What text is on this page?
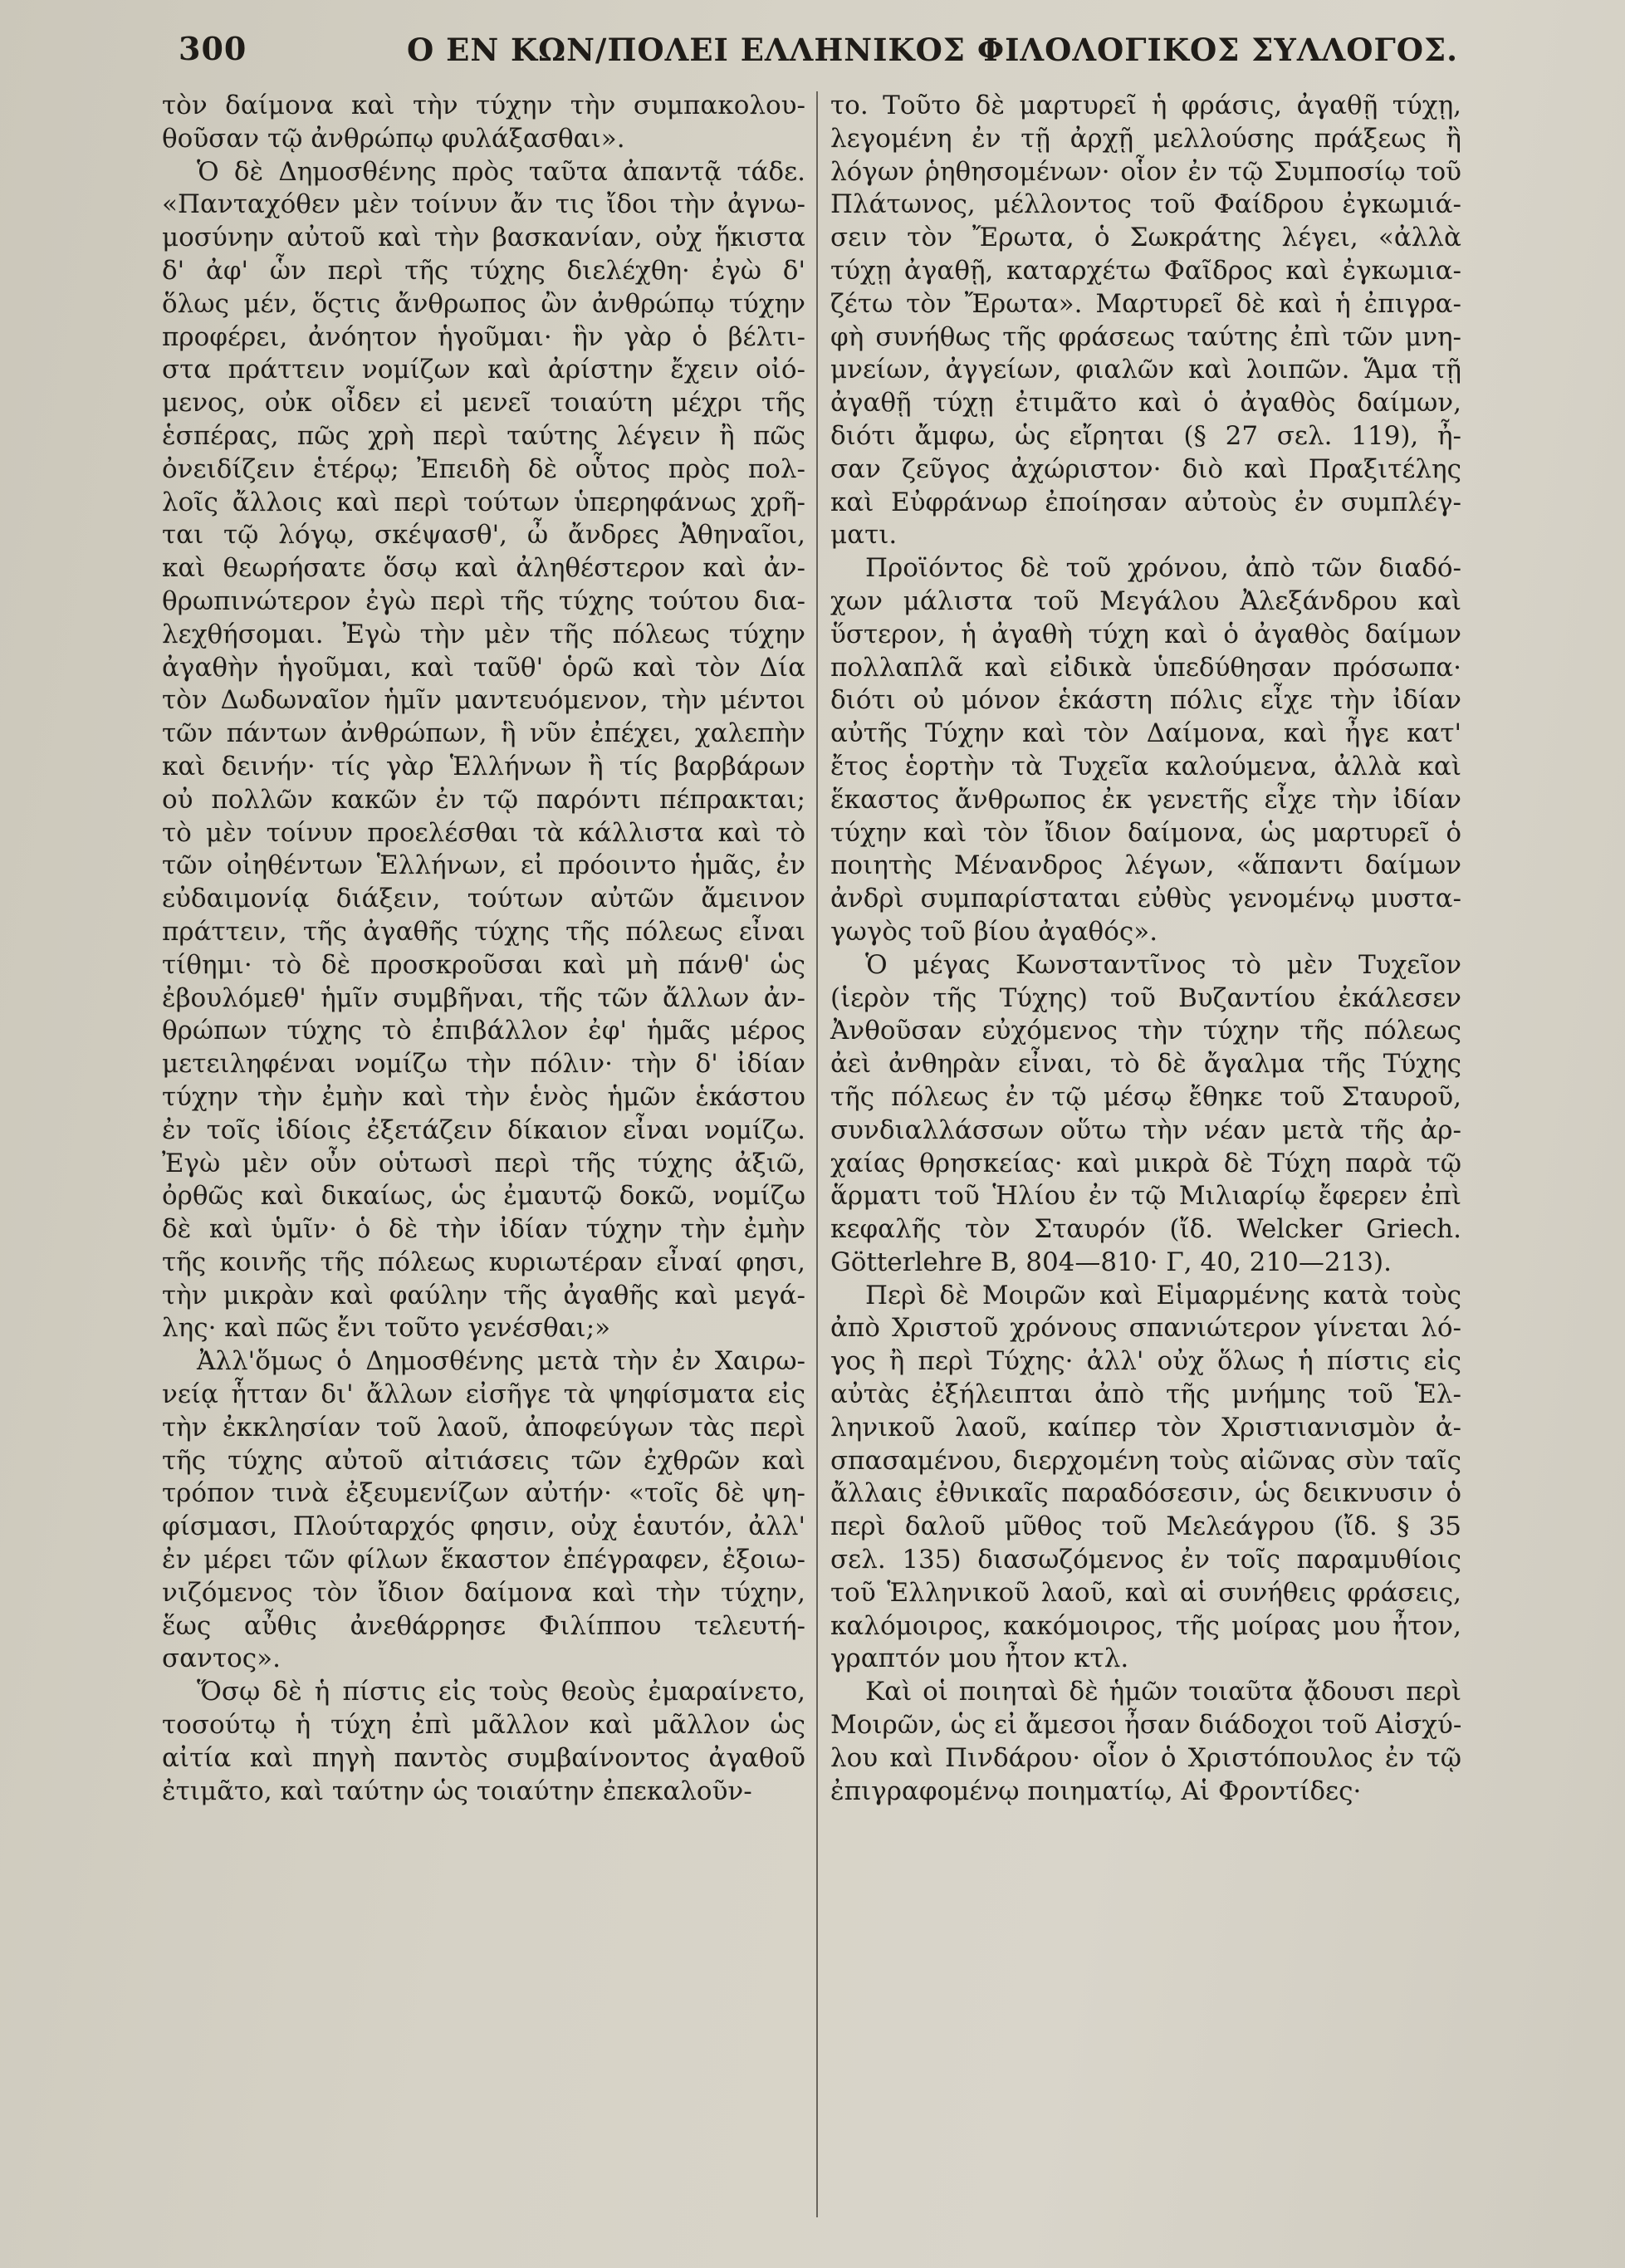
300	Ο ΕΝ ΚΩΝ/ΠΟΛΕΙ ΕΛΛΗΝΙΚΟΣ ΦΙΛΟΛΟΓΙΚΟΣ ΣΥΛΛΟΓΟΣ.
τὸν δαίμονα καὶ τὴν τύχην τὴν συμπακολου-
θοῦσαν τῷ ἀνθρώπῳ φυλάξασθαι».
Ὁ δὲ Δημοσθένης πρὸς ταῦτα ἀπαντᾷ τάδε.
«Πανταχόθεν μὲν τοίνυν ἄν τις ἴδοι τὴν ἀγνω-
μοσύνην αὐτοῦ καὶ τὴν βασκανίαν, οὐχ ἥκιστα
δ' ἀφ' ὧν περὶ τῆς τύχης διελέχθη· ἐγὼ δ'
ὅλως μέν, ὅςτις ἄνθρωπος ὢν ἀνθρώπῳ τύχην
προφέρει, ἀνόητον ἡγοῦμαι· ἣν γὰρ ὁ βέλτι-
στα πράττειν νομίζων καὶ ἀρίστην ἔχειν οἰό-
μενος, οὐκ οἶδεν εἰ μενεῖ τοιαύτη μέχρι τῆς
ἑσπέρας, πῶς χρὴ περὶ ταύτης λέγειν ἢ πῶς
ὀνειδίζειν ἑτέρῳ; Ἐπειδὴ δὲ οὗτος πρὸς πολ-
λοῖς ἄλλοις καὶ περὶ τούτων ὑπερηφάνως χρῆ-
ται τῷ λόγῳ, σκέψασθ', ὦ ἄνδρες Ἀθηναῖοι,
καὶ θεωρήσατε ὅσῳ καὶ ἀληθέστερον καὶ ἀν-
θρωπινώτερον ἐγὼ περὶ τῆς τύχης τούτου δια-
λεχθήσομαι. Ἐγὼ τὴν μὲν τῆς πόλεως τύχην
ἀγαθὴν ἡγοῦμαι, καὶ ταῦθ' ὁρῶ καὶ τὸν Δία
τὸν Δωδωναῖον ἡμῖν μαντευόμενον, τὴν μέντοι
τῶν πάντων ἀνθρώπων, ἣ νῦν ἐπέχει, χαλεπὴν
καὶ δεινήν· τίς γὰρ Ἑλλήνων ἢ τίς βαρβάρων
οὐ πολλῶν κακῶν ἐν τῷ παρόντι πέπρακται;
τὸ μὲν τοίνυν προελέσθαι τὰ κάλλιστα καὶ τὸ
τῶν οἰηθέντων Ἑλλήνων, εἰ πρόοιντο ἡμᾶς, ἐν
εὐδαιμονίᾳ διάξειν, τούτων αὐτῶν ἄμεινον
πράττειν, τῆς ἀγαθῆς τύχης τῆς πόλεως εἶναι
τίθημι· τὸ δὲ προσκροῦσαι καὶ μὴ πάνθ' ὡς
ἐβουλόμεθ' ἡμῖν συμβῆναι, τῆς τῶν ἄλλων ἀν-
θρώπων τύχης τὸ ἐπιβάλλον ἐφ' ἡμᾶς μέρος
μετειληφέναι νομίζω τὴν πόλιν· τὴν δ' ἰδίαν
τύχην τὴν ἐμὴν καὶ τὴν ἑνὸς ἡμῶν ἑκάστου
ἐν τοῖς ἰδίοις ἐξετάζειν δίκαιον εἶναι νομίζω.
Ἐγὼ μὲν οὖν οὑτωσὶ περὶ τῆς τύχης ἀξιῶ,
ὀρθῶς καὶ δικαίως, ὡς ἐμαυτῷ δοκῶ, νομίζω
δὲ καὶ ὑμῖν· ὁ δὲ τὴν ἰδίαν τύχην τὴν ἐμὴν
τῆς κοινῆς τῆς πόλεως κυριωτέραν εἶναί φησι,
τὴν μικρὰν καὶ φαύλην τῆς ἀγαθῆς καὶ μεγά-
λης· καὶ πῶς ἔνι τοῦτο γενέσθαι;»
Ἀλλ'ὅμως ὁ Δημοσθένης μετὰ τὴν ἐν Χαιρω-
νείᾳ ἧτταν δι' ἄλλων εἰσῆγε τὰ ψηφίσματα εἰς
τὴν ἐκκλησίαν τοῦ λαοῦ, ἀποφεύγων τὰς περὶ
τῆς τύχης αὐτοῦ αἰτιάσεις τῶν ἐχθρῶν καὶ
τρόπον τινὰ ἐξευμενίζων αὐτήν· «τοῖς δὲ ψη-
φίσμασι, Πλούταρχός φησιν, οὐχ ἑαυτόν, ἀλλ'
ἐν μέρει τῶν φίλων ἕκαστον ἐπέγραφεν, ἐξοιω-
νιζόμενος τὸν ἴδιον δαίμονα καὶ τὴν τύχην,
ἕως αὖθις ἀνεθάρρησε Φιλίππου τελευτή-
σαντος».
Ὅσῳ δὲ ἡ πίστις εἰς τοὺς θεοὺς ἐμαραίνετο,
τοσούτῳ ἡ τύχη ἐπὶ μᾶλλον καὶ μᾶλλον ὡς
αἰτία καὶ πηγὴ παντὸς συμβαίνοντος ἀγαθοῦ
ἐτιμᾶτο, καὶ ταύτην ὡς τοιαύτην ἐπεκαλοῦν-
το. Τοῦτο δὲ μαρτυρεῖ ἡ φράσις, ἀγαθῇ τύχῃ,
λεγομένη ἐν τῇ ἀρχῇ μελλούσης πράξεως ἢ
λόγων ῥηθησομένων· οἷον ἐν τῷ Συμποσίῳ τοῦ
Πλάτωνος, μέλλοντος τοῦ Φαίδρου ἐγκωμιά-
σειν τὸν Ἔρωτα, ὁ Σωκράτης λέγει, «ἀλλὰ
τύχῃ ἀγαθῇ, καταρχέτω Φαῖδρος καὶ ἐγκωμια-
ζέτω τὸν Ἔρωτα». Μαρτυρεῖ δὲ καὶ ἡ ἐπιγρα-
φὴ συνήθως τῆς φράσεως ταύτης ἐπὶ τῶν μνη-
μνείων, ἀγγείων, φιαλῶν καὶ λοιπῶν. Ἅμα τῇ
ἀγαθῇ τύχῃ ἐτιμᾶτο καὶ ὁ ἀγαθὸς δαίμων,
διότι ἄμφω, ὡς εἴρηται (§ 27 σελ. 119), ἦ-
σαν ζεῦγος ἀχώριστον· διὸ καὶ Πραξιτέλης
καὶ Εὐφράνωρ ἐποίησαν αὐτοὺς ἐν συμπλέγ-
ματι.
Προϊόντος δὲ τοῦ χρόνου, ἀπὸ τῶν διαδό-
χων μάλιστα τοῦ Μεγάλου Ἀλεξάνδρου καὶ
ὕστερον, ἡ ἀγαθὴ τύχη καὶ ὁ ἀγαθὸς δαίμων
πολλαπλᾶ καὶ εἰδικὰ ὑπεδύθησαν πρόσωπα·
διότι οὐ μόνον ἑκάστη πόλις εἶχε τὴν ἰδίαν
αὐτῆς Τύχην καὶ τὸν Δαίμονα, καὶ ἦγε κατ'
ἔτος ἑορτὴν τὰ Τυχεῖα καλούμενα, ἀλλὰ καὶ
ἕκαστος ἄνθρωπος ἐκ γενετῆς εἶχε τὴν ἰδίαν
τύχην καὶ τὸν ἴδιον δαίμονα, ὡς μαρτυρεῖ ὁ
ποιητὴς Μένανδρος λέγων, «ἅπαντι δαίμων
ἀνδρὶ συμπαρίσταται εὐθὺς γενομένῳ μυστα-
γωγὸς τοῦ βίου ἀγαθός».
Ὁ μέγας Κωνσταντῖνος τὸ μὲν Τυχεῖον
(ἱερὸν τῆς Τύχης) τοῦ Βυζαντίου ἐκάλεσεν
Ἀνθοῦσαν εὐχόμενος τὴν τύχην τῆς πόλεως
ἀεὶ ἀνθηρὰν εἶναι, τὸ δὲ ἄγαλμα τῆς Τύχης
τῆς πόλεως ἐν τῷ μέσῳ ἔθηκε τοῦ Σταυροῦ,
συνδιαλλάσσων οὕτω τὴν νέαν μετὰ τῆς ἀρ-
χαίας θρησκείας· καὶ μικρὰ δὲ Τύχη παρὰ τῷ
ἅρματι τοῦ Ἡλίου ἐν τῷ Μιλιαρίῳ ἔφερεν ἐπὶ
κεφαλῆς τὸν Σταυρόν (ἴδ. Welcker Griech.
Götterlehre B, 804—810· Γ, 40, 210—213).
Περὶ δὲ Μοιρῶν καὶ Εἱμαρμένης κατὰ τοὺς
ἀπὸ Χριστοῦ χρόνους σπανιώτερον γίνεται λό-
γος ἢ περὶ Τύχης· ἀλλ' οὐχ ὅλως ἡ πίστις εἰς
αὐτὰς ἐξήλειπται ἀπὸ τῆς μνήμης τοῦ Ἑλ-
ληνικοῦ λαοῦ, καίπερ τὸν Χριστιανισμὸν ἀ-
σπασαμένου, διερχομένη τοὺς αἰῶνας σὺν ταῖς
ἄλλαις ἐθνικαῖς παραδόσεσιν, ὡς δεικνυσιν ὁ
περὶ δαλοῦ μῦθος τοῦ Μελεάγρου (ἴδ. § 35
σελ. 135) διασωζόμενος ἐν τοῖς παραμυθίοις
τοῦ Ἑλληνικοῦ λαοῦ, καὶ αἱ συνήθεις φράσεις,
καλόμοιρος, κακόμοιρος, τῆς μοίρας μου ἦτον,
γραπτόν μου ἦτον κτλ.
Καὶ οἱ ποιηταὶ δὲ ἡμῶν τοιαῦτα ᾄδουσι περὶ
Μοιρῶν, ὡς εἰ ἄμεσοι ἦσαν διάδοχοι τοῦ Αἰσχύ-
λου καὶ Πινδάρου· οἷον ὁ Χριστόπουλος ἐν τῷ
ἐπιγραφομένῳ ποιηματίῳ, Αἱ Φροντίδες·
